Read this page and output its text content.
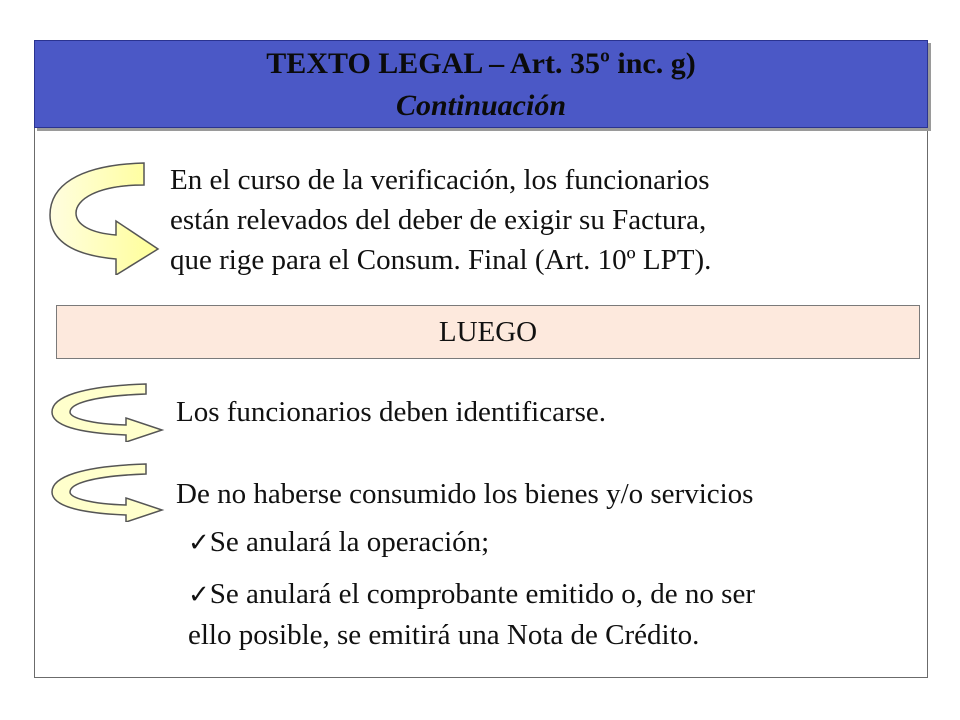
TEXTO LEGAL – Art. 35º inc. g)
Continuación
En el curso de la verificación, los funcionarios
están relevados del deber de exigir su Factura,
que rige para el Consum. Final (Art. 10º LPT).
LUEGO
Los funcionarios deben identificarse.
De no haberse consumido los bienes y/o servicios
✓Se anulará la operación;
✓Se anulará el comprobante emitido o, de no ser
ello posible, se emitirá una Nota de Crédito.
